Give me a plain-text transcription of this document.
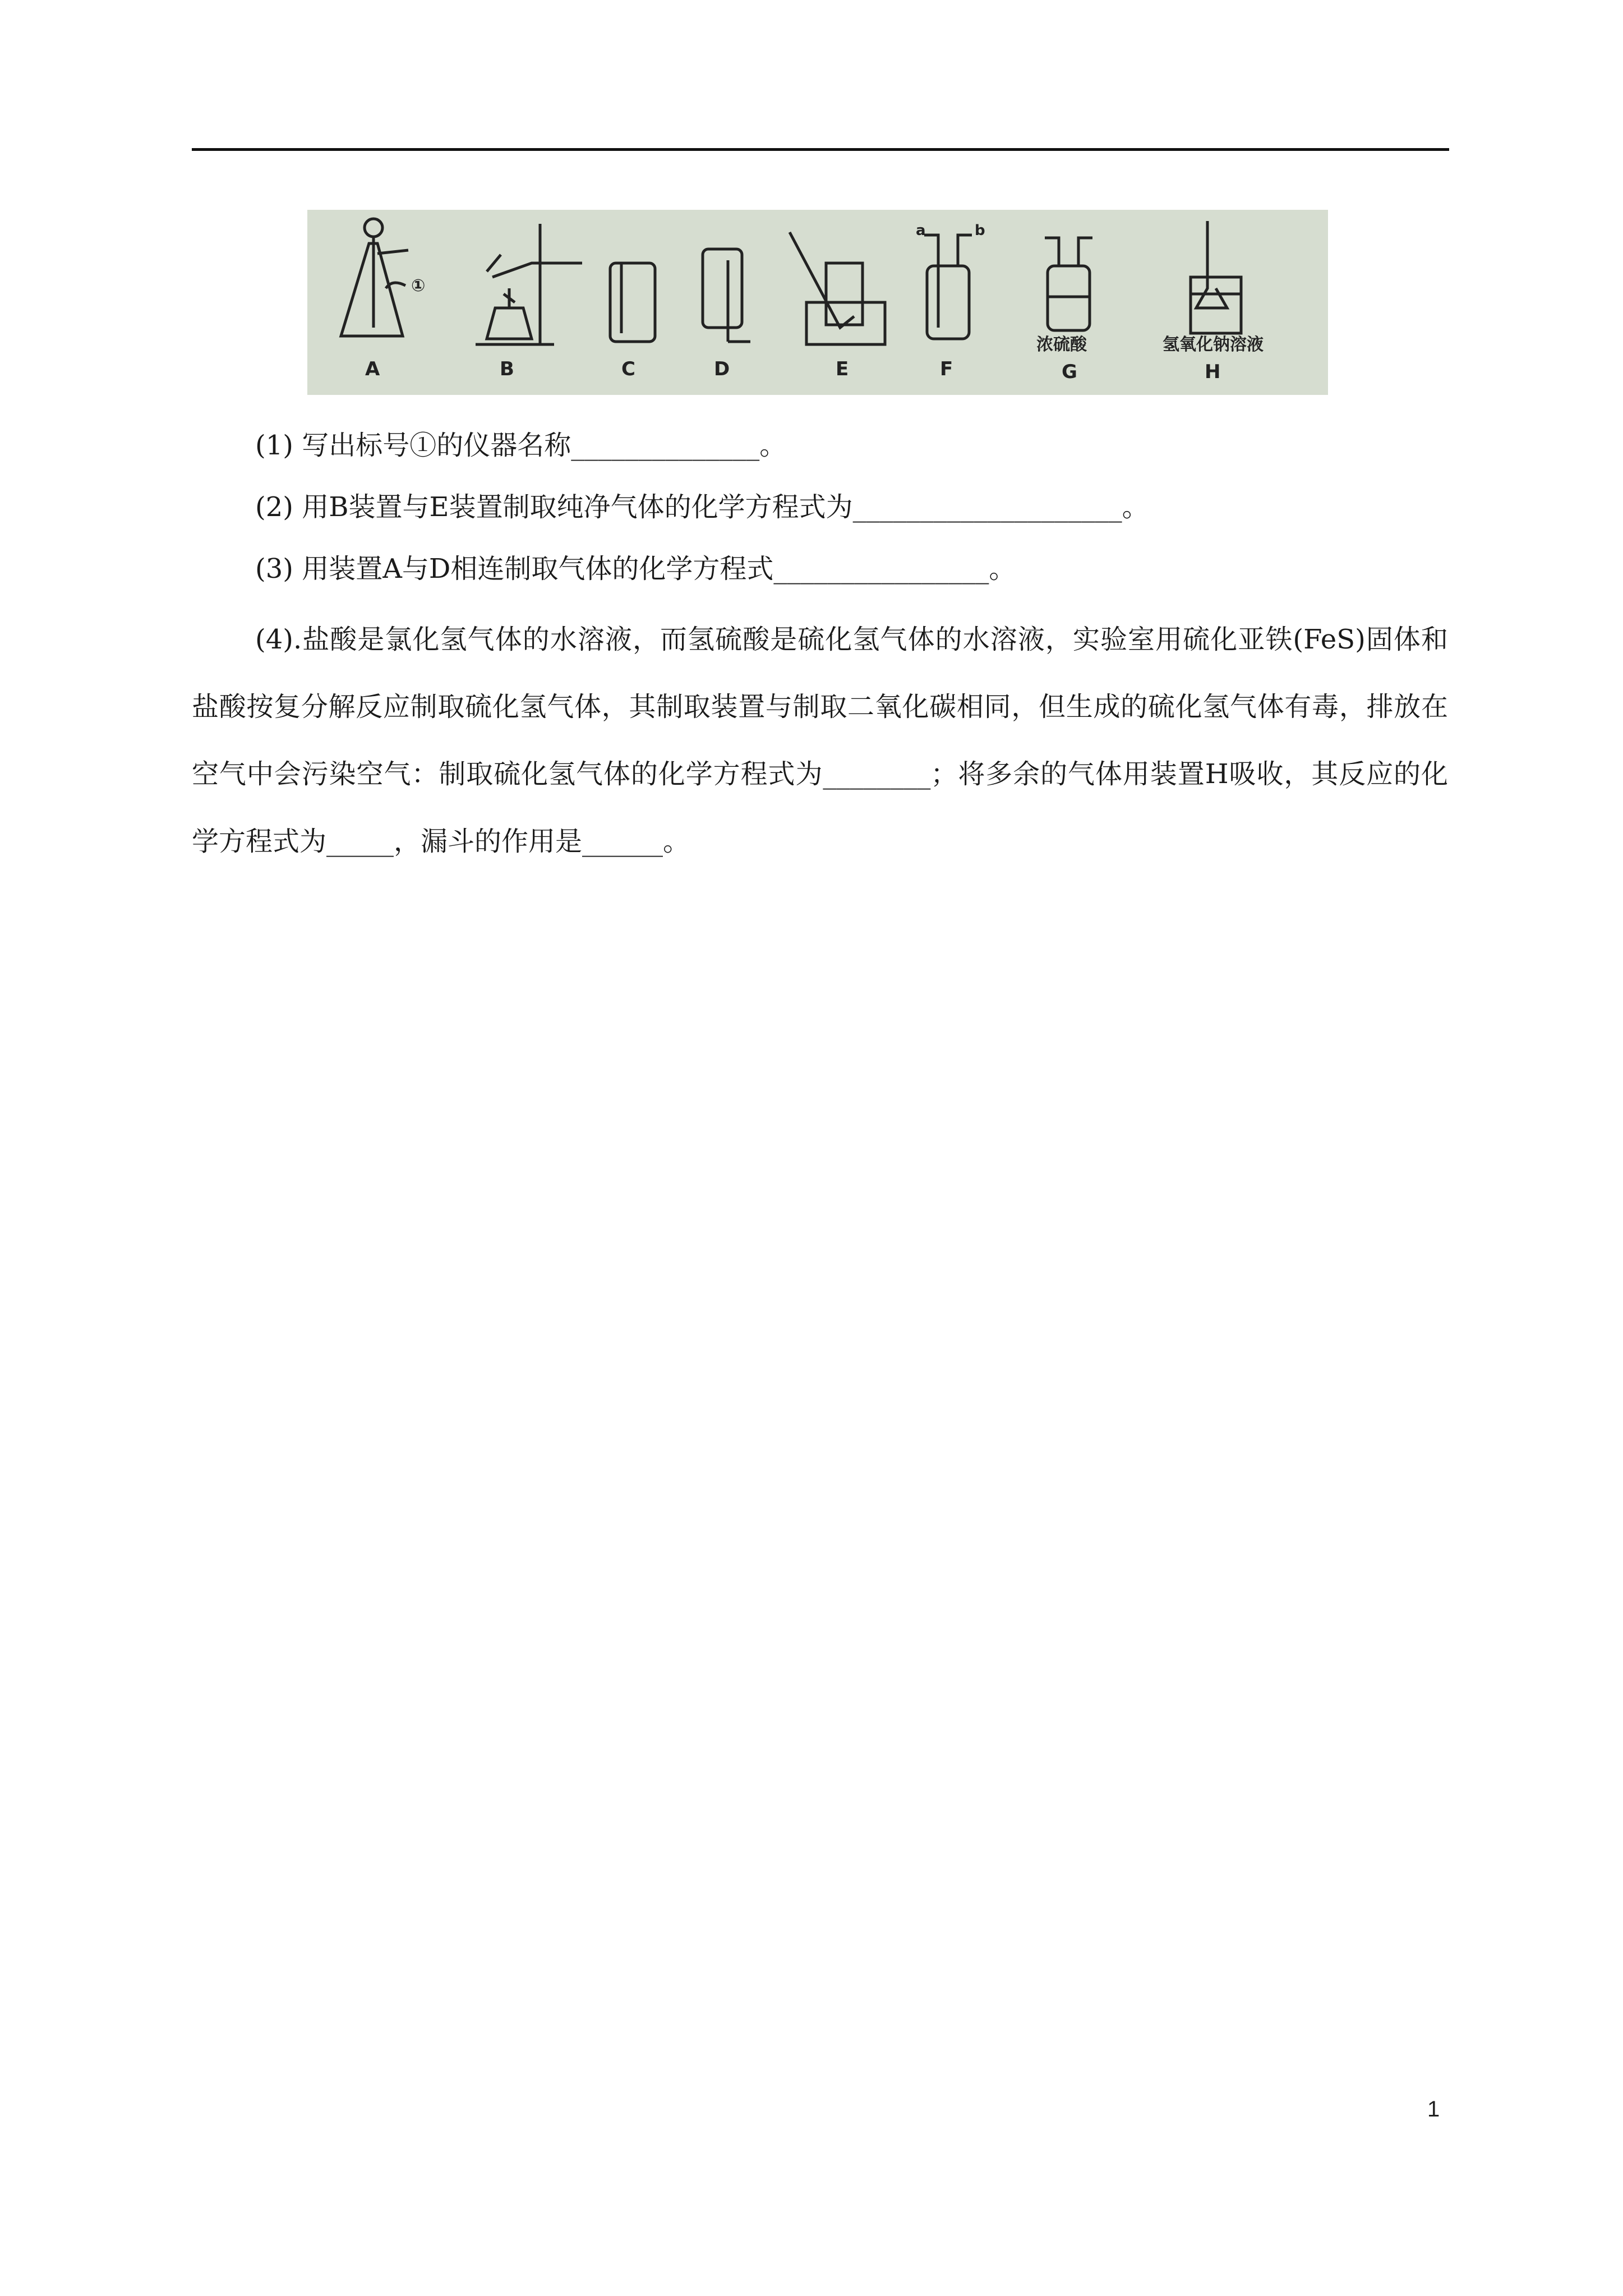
①
A	B	C	D	E
a	b
F
浓硫酸
G
氢氧化钠溶液
H

(1) 写出标号①的仪器名称______________。

(2) 用B装置与E装置制取纯净气体的化学方程式为____________________。

(3) 用装置A与D相连制取气体的化学方程式________________。

(4).盐酸是氯化氢气体的水溶液，而氢硫酸是硫化氢气体的水溶液，实验室用硫化亚铁(FeS)固体和盐酸按复分解反应制取硫化氢气体，其制取装置与制取二氧化碳相同，但生成的硫化氢气体有毒，排放在空气中会污染空气：制取硫化氢气体的化学方程式为________；将多余的气体用装置H吸收，其反应的化学方程式为_____，漏斗的作用是______。

1
